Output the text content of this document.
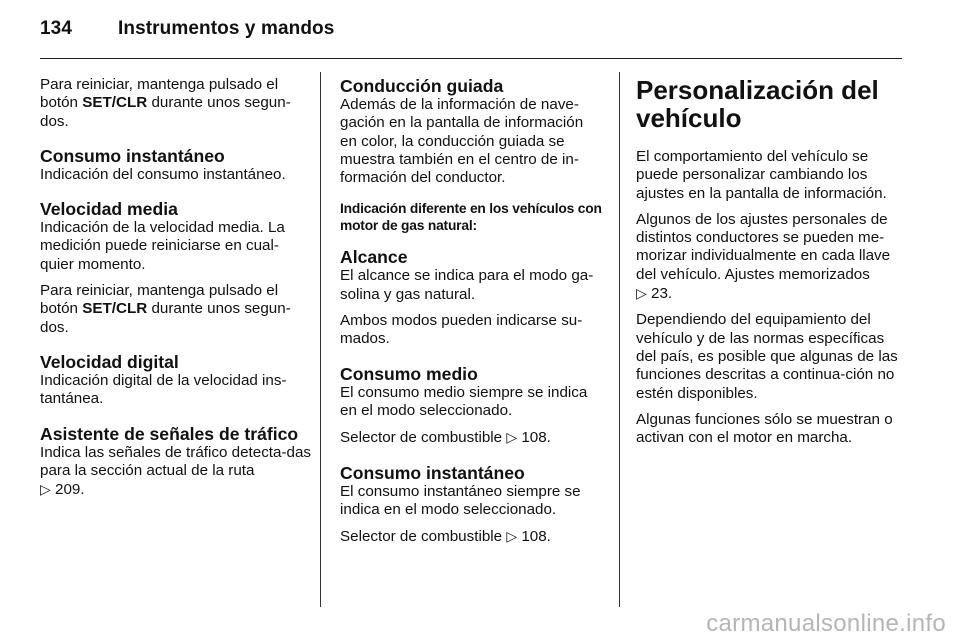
134 Instrumentos y mandos

Para reiniciar, mantenga pulsado el botón SET/CLR durante unos segun-dos.

Consumo instantáneo

Indicación del consumo instantáneo.

Velocidad media

Indicación de la velocidad media. La medición puede reiniciarse en cual-quier momento.

Para reiniciar, mantenga pulsado el botón SET/CLR durante unos segun-dos.

Velocidad digital

Indicación digital de la velocidad ins-tantánea.

Asistente de señales de tráfico

Indica las señales de tráfico detecta-das para la sección actual de la ruta
▷ 209.

Conducción guiada

Además de la información de nave-gación en la pantalla de información en color, la conducción guiada se muestra también en el centro de in-formación del conductor.

Indicación diferente en los vehículos con motor de gas natural:
Alcance

El alcance se indica para el modo ga-solina y gas natural.

Ambos modos pueden indicarse su-mados.

Consumo medio

El consumo medio siempre se indica en el modo seleccionado.

Selector de combustible ▷ 108.

Consumo instantáneo

El consumo instantáneo siempre se indica en el modo seleccionado.

Selector de combustible ▷ 108.

Personalización del vehículo

El comportamiento del vehículo se puede personalizar cambiando los ajustes en la pantalla de información.

Algunos de los ajustes personales de distintos conductores se pueden me-morizar individualmente en cada llave del vehículo. Ajustes memorizados
▷ 23.

Dependiendo del equipamiento del vehículo y de las normas específicas del país, es posible que algunas de las funciones descritas a continua-ción no estén disponibles.

Algunas funciones sólo se muestran o activan con el motor en marcha.

carmanualsonline.info
